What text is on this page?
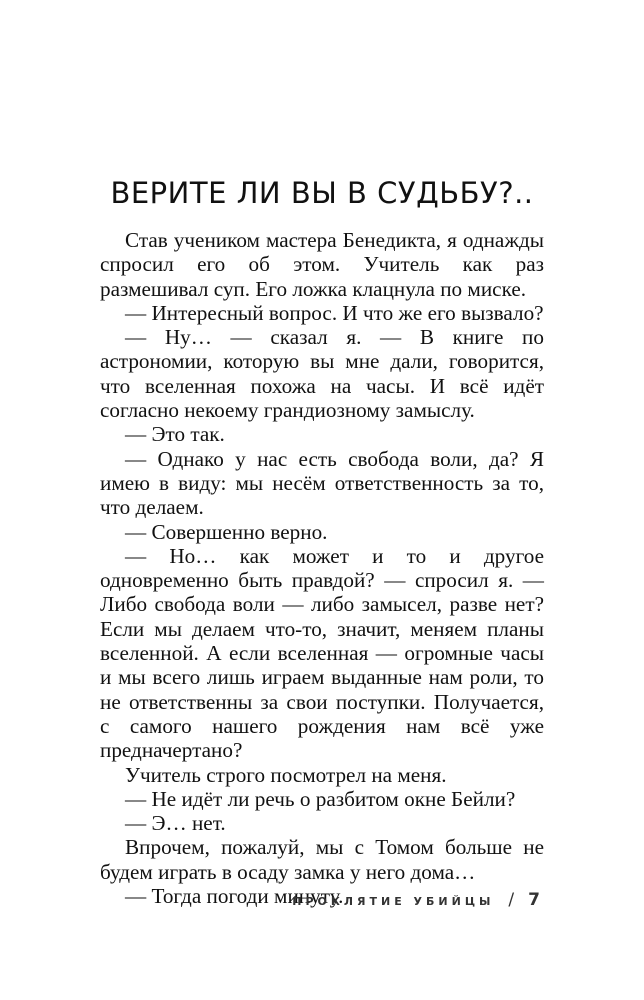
ВЕРИТЕ ЛИ ВЫ В СУДЬБУ?..

Став учеником мастера Бенедикта, я однажды спросил его об этом. Учитель как раз размешивал суп. Его ложка клацнула по миске.

— Интересный вопрос. И что же его вызвало?

— Ну… — сказал я. — В книге по астрономии, которую вы мне дали, говорится, что вселенная похожа на часы. И всё идёт согласно некоему грандиозному замыслу.

— Это так.

— Однако у нас есть свобода воли, да? Я имею в виду: мы несём ответственность за то, что делаем.

— Совершенно верно.

— Но… как может и то и другое одновременно быть правдой? — спросил я. — Либо свобода воли — либо замысел, разве нет? Если мы делаем что-то, значит, меняем планы вселенной. А если вселенная — огромные часы и мы всего лишь играем выданные нам роли, то не ответственны за свои поступки. Получается, с самого нашего рождения нам всё уже предначертано?

Учитель строго посмотрел на меня.

— Не идёт ли речь о разбитом окне Бейли?

— Э… нет.

Впрочем, пожалуй, мы с Томом больше не будем играть в осаду замка у него дома…

— Тогда погоди минуту.

ПРОКЛЯТИЕ УБИЙЦЫ / 7
